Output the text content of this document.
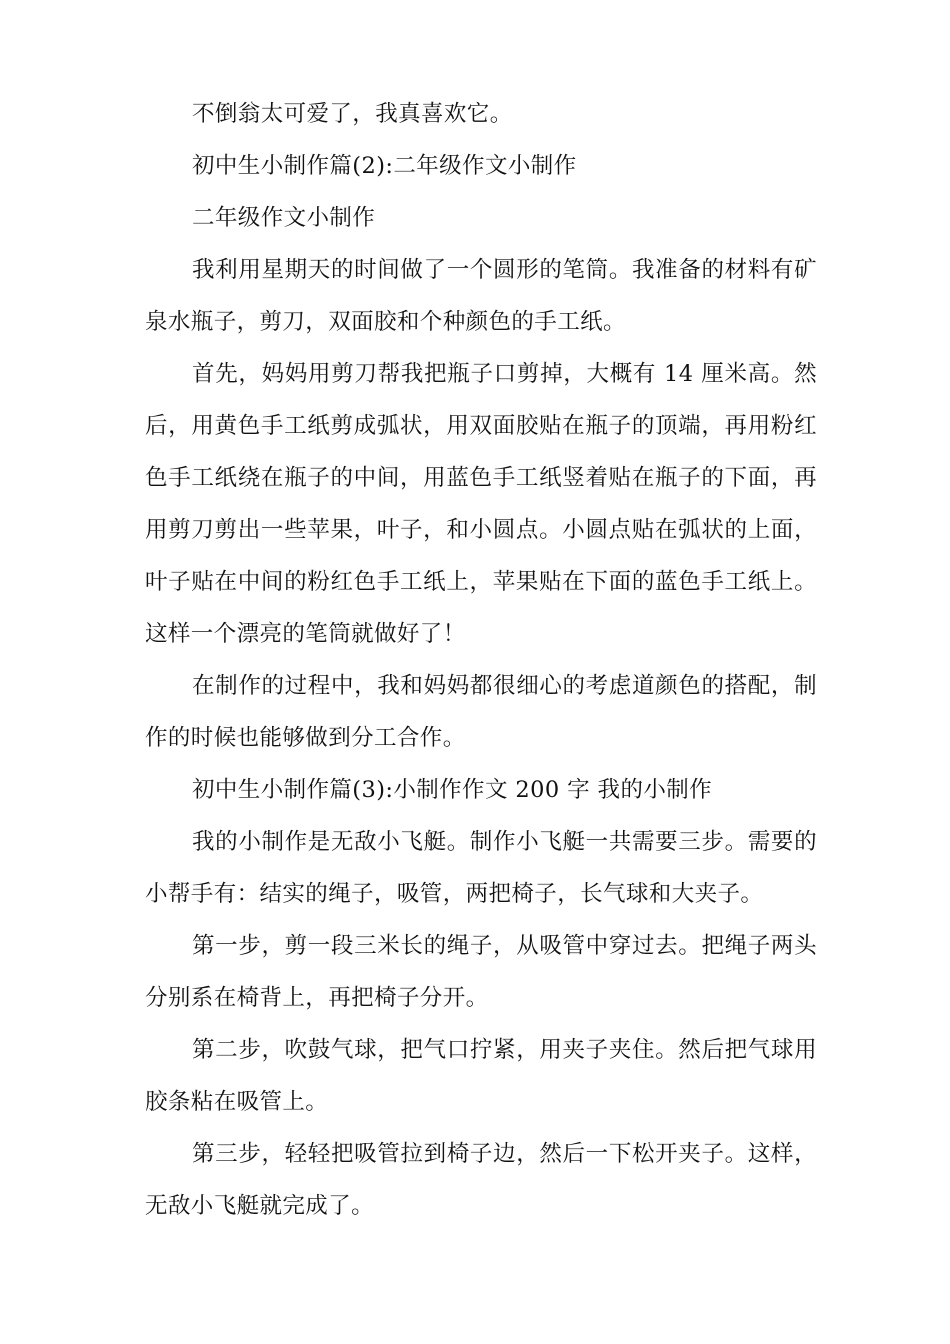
不倒翁太可爱了，我真喜欢它。

初中生小制作篇(2):二年级作文小制作

二年级作文小制作

我利用星期天的时间做了一个圆形的笔筒。我准备的材料有矿泉水瓶子，剪刀，双面胶和个种颜色的手工纸。

首先，妈妈用剪刀帮我把瓶子口剪掉，大概有 14 厘米高。然后，用黄色手工纸剪成弧状，用双面胶贴在瓶子的顶端，再用粉红色手工纸绕在瓶子的中间，用蓝色手工纸竖着贴在瓶子的下面，再用剪刀剪出一些苹果，叶子，和小圆点。小圆点贴在弧状的上面，叶子贴在中间的粉红色手工纸上，苹果贴在下面的蓝色手工纸上。这样一个漂亮的笔筒就做好了！

在制作的过程中，我和妈妈都很细心的考虑道颜色的搭配，制作的时候也能够做到分工合作。

初中生小制作篇(3):小制作作文 200 字 我的小制作

我的小制作是无敌小飞艇。制作小飞艇一共需要三步。需要的小帮手有：结实的绳子，吸管，两把椅子，长气球和大夹子。

第一步，剪一段三米长的绳子，从吸管中穿过去。把绳子两头分别系在椅背上，再把椅子分开。

第二步，吹鼓气球，把气口拧紧，用夹子夹住。然后把气球用胶条粘在吸管上。

第三步，轻轻把吸管拉到椅子边，然后一下松开夹子。这样，无敌小飞艇就完成了。
